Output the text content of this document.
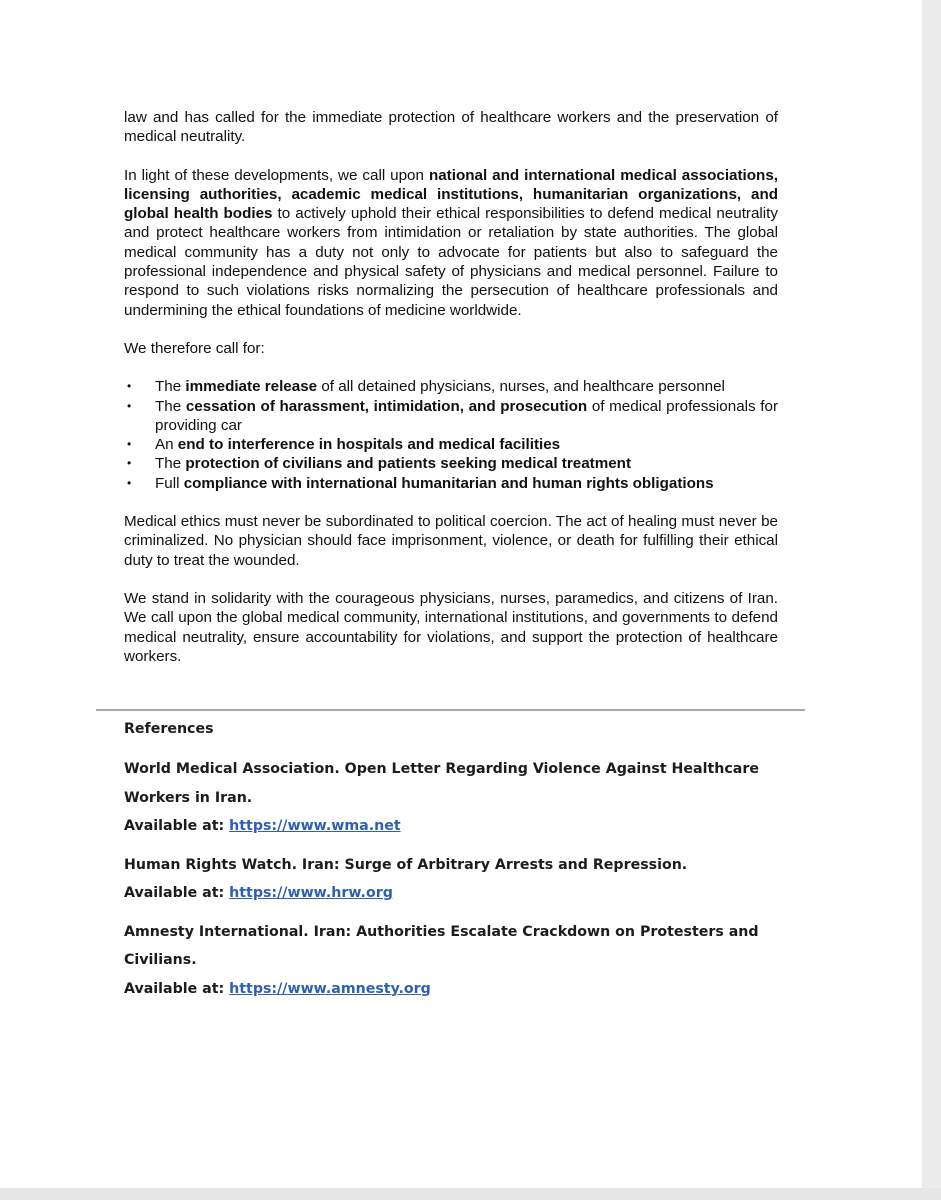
law and has called for the immediate protection of healthcare workers and the preservation of medical neutrality.

In light of these developments, we call upon national and international medical associations, licensing authorities, academic medical institutions, humanitarian organizations, and global health bodies to actively uphold their ethical responsibilities to defend medical neutrality and protect healthcare workers from intimidation or retaliation by state authorities. The global medical community has a duty not only to advocate for patients but also to safeguard the professional independence and physical safety of physicians and medical personnel. Failure to respond to such violations risks normalizing the persecution of healthcare professionals and undermining the ethical foundations of medicine worldwide.

We therefore call for:

• The immediate release of all detained physicians, nurses, and healthcare personnel
• The cessation of harassment, intimidation, and prosecution of medical professionals for providing car
• An end to interference in hospitals and medical facilities
• The protection of civilians and patients seeking medical treatment
• Full compliance with international humanitarian and human rights obligations

Medical ethics must never be subordinated to political coercion. The act of healing must never be criminalized. No physician should face imprisonment, violence, or death for fulfilling their ethical duty to treat the wounded.

We stand in solidarity with the courageous physicians, nurses, paramedics, and citizens of Iran. We call upon the global medical community, international institutions, and governments to defend medical neutrality, ensure accountability for violations, and support the protection of healthcare workers.

References
World Medical Association. Open Letter Regarding Violence Against Healthcare
Workers in Iran.
Available at: https://www.wma.net
Human Rights Watch. Iran: Surge of Arbitrary Arrests and Repression.
Available at: https://www.hrw.org
Amnesty International. Iran: Authorities Escalate Crackdown on Protesters and
Civilians.
Available at: https://www.amnesty.org
